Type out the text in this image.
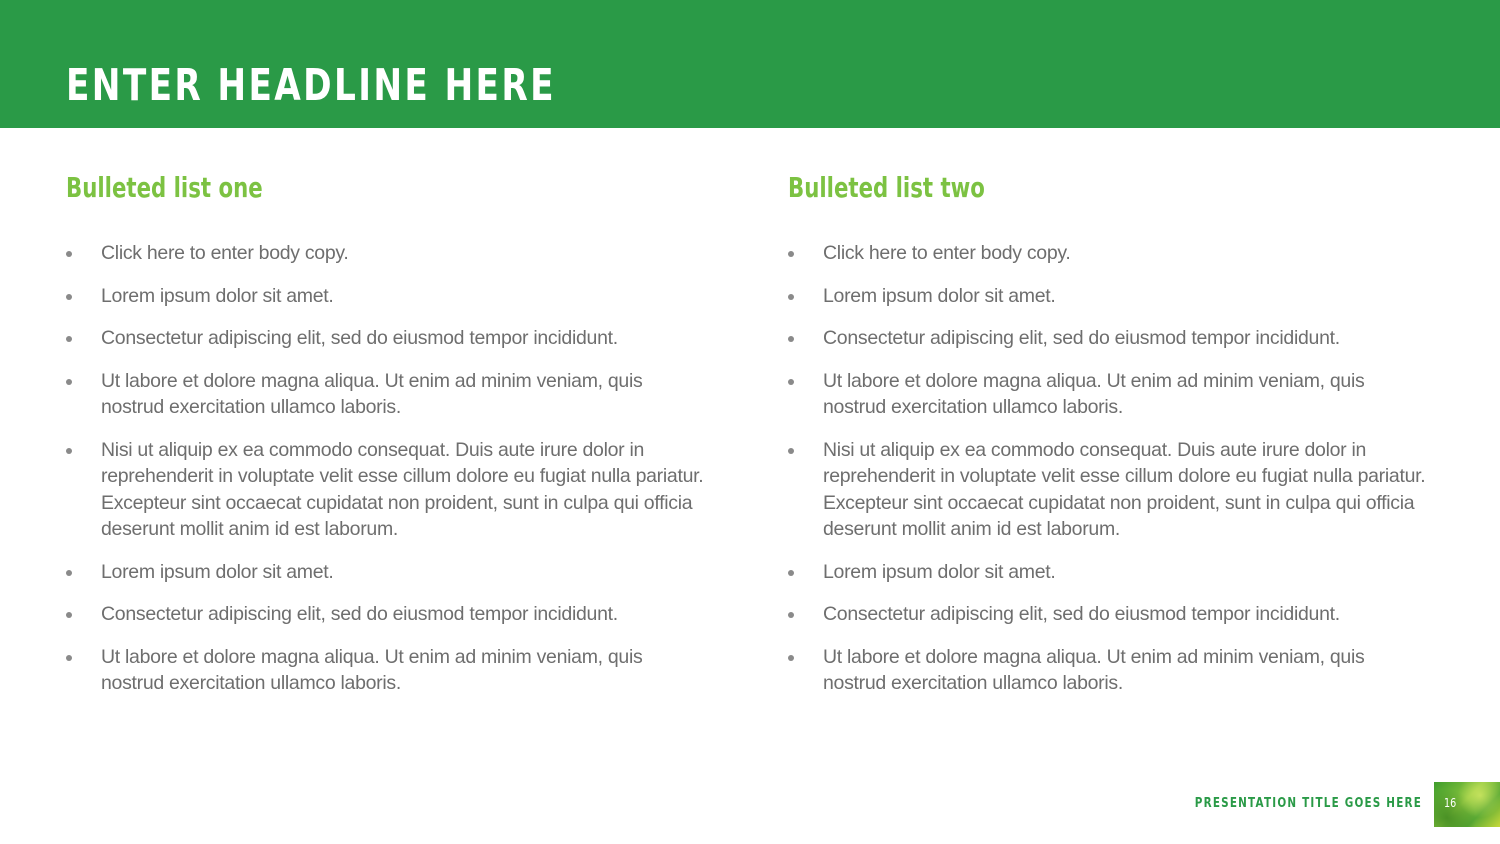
ENTER HEADLINE HERE
Bulleted list one
Click here to enter body copy.
Lorem ipsum dolor sit amet.
Consectetur adipiscing elit, sed do eiusmod tempor incididunt.
Ut labore et dolore magna aliqua. Ut enim ad minim veniam, quis nostrud exercitation ullamco laboris.
Nisi ut aliquip ex ea commodo consequat. Duis aute irure dolor in reprehenderit in voluptate velit esse cillum dolore eu fugiat nulla pariatur. Excepteur sint occaecat cupidatat non proident, sunt in culpa qui officia deserunt mollit anim id est laborum.
Lorem ipsum dolor sit amet.
Consectetur adipiscing elit, sed do eiusmod tempor incididunt.
Ut labore et dolore magna aliqua. Ut enim ad minim veniam, quis nostrud exercitation ullamco laboris.
Bulleted list two
Click here to enter body copy.
Lorem ipsum dolor sit amet.
Consectetur adipiscing elit, sed do eiusmod tempor incididunt.
Ut labore et dolore magna aliqua. Ut enim ad minim veniam, quis nostrud exercitation ullamco laboris.
Nisi ut aliquip ex ea commodo consequat. Duis aute irure dolor in reprehenderit in voluptate velit esse cillum dolore eu fugiat nulla pariatur. Excepteur sint occaecat cupidatat non proident, sunt in culpa qui officia deserunt mollit anim id est laborum.
Lorem ipsum dolor sit amet.
Consectetur adipiscing elit, sed do eiusmod tempor incididunt.
Ut labore et dolore magna aliqua. Ut enim ad minim veniam, quis nostrud exercitation ullamco laboris.
PRESENTATION TITLE GOES HERE 16
